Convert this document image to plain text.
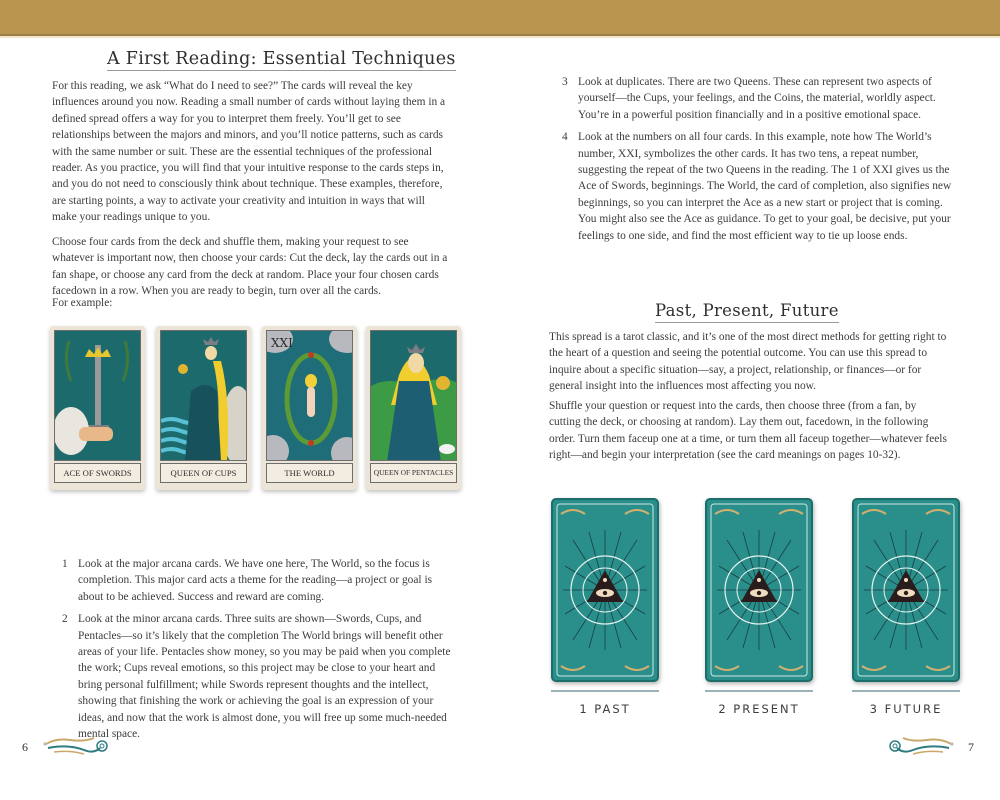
A First Reading: Essential Techniques

For this reading, we ask “What do I need to see?” The cards will reveal the key influences around you now. Reading a small number of cards without laying them in a defined spread offers a way for you to interpret them freely. You’ll get to see relationships between the majors and minors, and you’ll notice patterns, such as cards with the same number or suit. These are the essential techniques of the professional reader. As you practice, you will find that your intuitive response to the cards steps in, and you do not need to consciously think about technique. These examples, therefore, are starting points, a way to activate your creativity and intuition in ways that will make your readings unique to you.

Choose four cards from the deck and shuffle them, making your request to see whatever is important now, then choose your cards: Cut the deck, lay the cards out in a fan shape, or choose any card from the deck at random. Place your four chosen cards facedown in a row. When you are ready to begin, turn over all the cards.

For example:

ACE OF SWORDS	QUEEN OF CUPS
XXI
THE WORLD	QUEEN OF PENTACLES
1 Look at the major arcana cards. We have one here, The World, so the focus is completion. This major card acts a theme for the reading—a project or goal is about to be achieved. Success and reward are coming.
2 Look at the minor arcana cards. Three suits are shown—Swords, Cups, and Pentacles—so it’s likely that the completion The World brings will benefit other areas of your life. Pentacles show money, so you may be paid when you complete the work; Cups reveal emotions, so this project may be close to your heart and bring personal fulfillment; while Swords represent thoughts and the intellect, showing that finishing the work or achieving the goal is an expression of your ideas, and now that the work is almost done, you will free up some much-needed mental space.
6
3 Look at duplicates. There are two Queens. These can represent two aspects of yourself—the Cups, your feelings, and the Coins, the material, worldly aspect. You’re in a powerful position financially and in a positive emotional space.
4 Look at the numbers on all four cards. In this example, note how The World’s number, XXI, symbolizes the other cards. It has two tens, a repeat number, suggesting the repeat of the two Queens in the reading. The 1 of XXI gives us the Ace of Swords, beginnings. The World, the card of completion, also signifies new beginnings, so you can interpret the Ace as a new start or project that is coming. You might also see the Ace as guidance. To get to your goal, be decisive, put your feelings to one side, and find the most efficient way to tie up loose ends.
Past, Present, Future

This spread is a tarot classic, and it’s one of the most direct methods for getting right to the heart of a question and seeing the potential outcome. You can use this spread to inquire about a specific situation—say, a project, relationship, or finances—or for general insight into the influences most affecting you now.

Shuffle your question or request into the cards, then choose three (from a fan, by cutting the deck, or choosing at random). Lay them out, facedown, in the following order. Turn them faceup one at a time, or turn them all faceup together—whatever feels right—and begin your interpretation (see the card meanings on pages 10-32).

1 PAST	2 PRESENT	3 FUTURE
7
